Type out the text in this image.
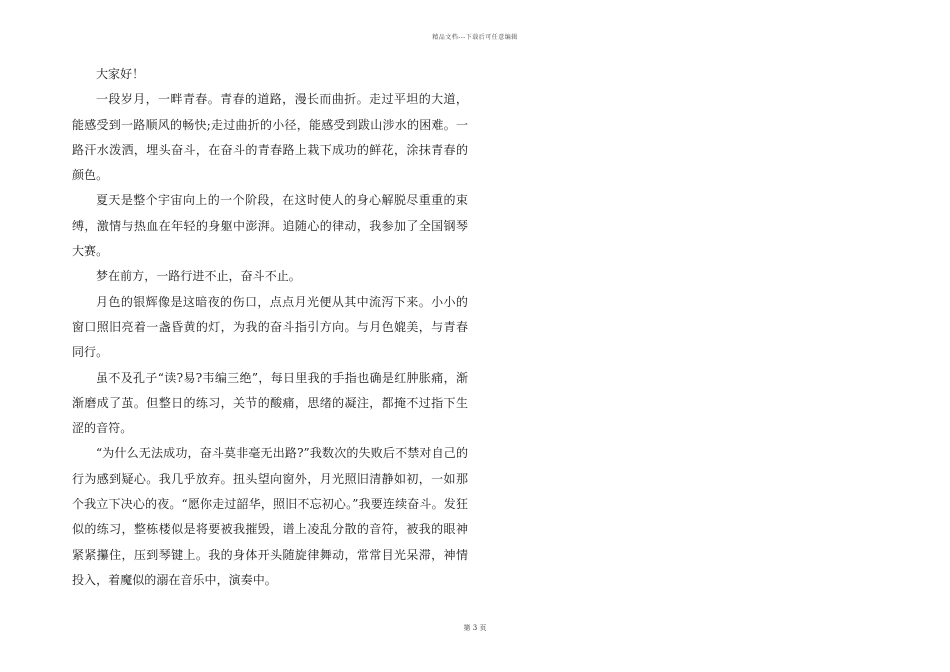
精品文档---下载后可任意编辑

大家好！

一段岁月，一畔青春。青春的道路，漫长而曲折。走过平坦的大道，能感受到一路顺风的畅快;走过曲折的小径，能感受到跋山涉水的困难。一路汗水泼洒，埋头奋斗，在奋斗的青春路上栽下成功的鲜花，涂抹青春的颜色。

夏天是整个宇宙向上的一个阶段，在这时使人的身心解脱尽重重的束缚，激情与热血在年轻的身躯中澎湃。追随心的律动，我参加了全国钢琴大赛。

梦在前方，一路行进不止，奋斗不止。

月色的银辉像是这暗夜的伤口，点点月光便从其中流泻下来。小小的窗口照旧亮着一盏昏黄的灯，为我的奋斗指引方向。与月色媲美，与青春同行。

虽不及孔子“读?易?韦编三绝”，每日里我的手指也确是红肿胀痛，渐渐磨成了茧。但整日的练习，关节的酸痛，思绪的凝注，都掩不过指下生涩的音符。

“为什么无法成功，奋斗莫非毫无出路?”我数次的失败后不禁对自己的行为感到疑心。我几乎放弃。扭头望向窗外，月光照旧清静如初，一如那个我立下决心的夜。“愿你走过韶华，照旧不忘初心。”我要连续奋斗。发狂似的练习，整栋楼似是将要被我摧毁，谱上凌乱分散的音符，被我的眼神紧紧攥住，压到琴键上。我的身体开头随旋律舞动，常常目光呆滞，神情投入，着魔似的溺在音乐中，演奏中。

第 3 页
